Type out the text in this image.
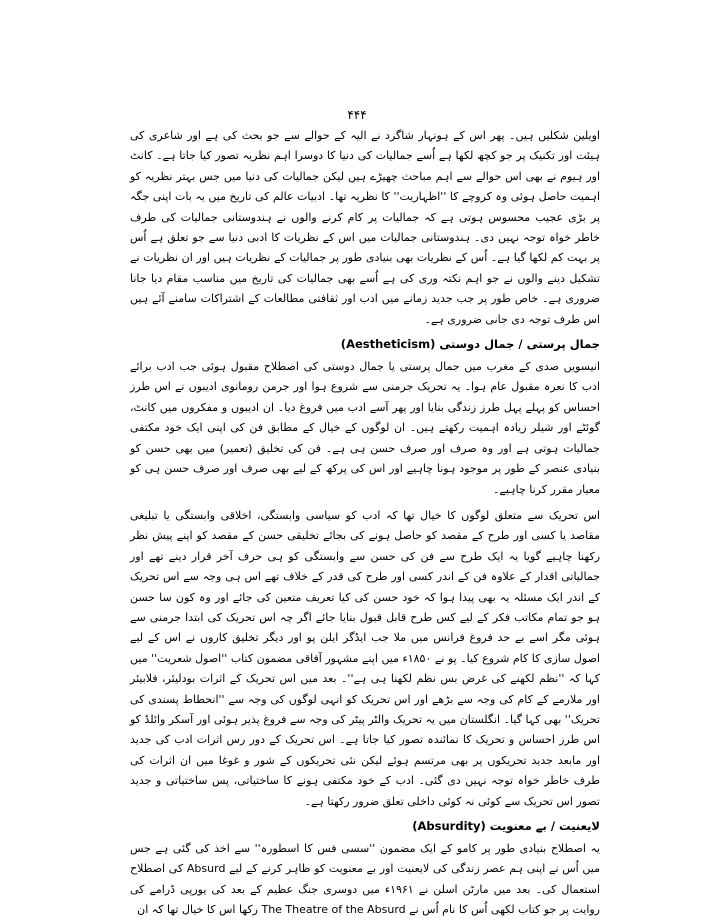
۴۴۴

اویلین شکلیں ہیں۔ پھر اس کے ہونہار شاگرد نے الیہ کے حوالے سے جو بحث کی ہے اور شاعری کی ہیئت اور تکنیک پر جو کچھ لکھا ہے اُسے جمالیات کی دنیا کا دوسرا اہم نظریہ تصور کیا جاتا ہے۔ کانٹ اور ہیوم نے بھی اس حوالے سے اہم مباحث چھیڑے ہیں لیکن جمالیات کی دنیا میں جس بہتر نظریہ کو اہمیت حاصل ہوئی وہ کروچے کا ''اظہاریت'' کا نظریہ تھا۔ ادبیات عالم کی تاریخ میں یہ بات اپنی جگہ پر بڑی عجیب محسوس ہوتی ہے کہ جمالیات پر کام کرنے والوں نے ہندوستانی جمالیات کی طرف خاطر خواہ توجہ نہیں دی۔ ہندوستانی جمالیات میں اس کے نظریات کا ادبی دنیا سے جو تعلق ہے اُس پر بہت کم لکھا گیا ہے۔ اُس کے نظریات بھی بنیادی طور پر جمالیات کے نظریات ہیں اور ان نظریات نے تشکیل دینے والوں نے جو اہم نکتہ وری کی ہے اُسے بھی جمالیات کی تاریخ میں مناسب مقام دیا جانا ضروری ہے۔ خاص طور پر جب جدید زمانے میں ادب اور ثقافتی مطالعات کے اشتراکات سامنے آئے ہیں اس طرف توجہ دی جانی ضروری ہے۔

جمال پرستی / جمال دوستی (Aestheticism)

انیسویں صدی کے مغرب میں جمال پرستی یا جمال دوستی کی اصطلاح مقبول ہوئی جب ادب برائے ادب کا نعرہ مقبول عام ہوا۔ یہ تحریک جرمنی سے شروع ہوا اور جرمن رومانوی ادیبوں نے اس طرز احساس کو پہلے پہل طرز زندگی بنایا اور پھر آسے ادب میں فروغ دیا۔ ان ادیبوں و مفکروں میں کانٹ، گوئٹے اور شیلر زیادہ اہمیت رکھتے ہیں۔ ان لوگوں کے خیال کے مطابق فن کی اپنی ایک خود مکتفی جمالیات ہوتی ہے اور وہ صرف اور صرف حسن ہی ہے۔ فن کی تخلیق (تعمیر) میں بھی حسن کو بنیادی عنصر کے طور پر موجود ہونا چاہیے اور اس کی پرکھ کے لیے بھی صرف اور صرف حسن ہی کو معیار مقرر کرنا چاہیے۔

اس تحریک سے متعلق لوگوں کا خیال تھا کہ ادب کو سیاسی وابستگی، اخلاقی وابستگی یا تبلیغی مقاصد یا کسی اور طرح کے مقصد کو حاصل ہونے کی بجائے تخلیقی حسن کے مقصد کو اپنے پیش نظر رکھنا چاہیے گویا یہ ایک طرح سے فن کی حسن سے وابستگی کو ہی حرف آخر قرار دینے تھے اور جمالیاتی اقدار کے علاوہ فن کے اندر کسی اور طرح کی قدر کے خلاف تھے اس ہی وجہ سے اس تحریک کے اندر ایک مسئلہ یہ بھی پیدا ہوا کہ خود حسن کی کیا تعریف متعین کی جائے اور وہ کون سا حسن ہو جو تمام مکاتب فکر کے لیے کس طرح قابل قبول بنایا جائے اگر چہ اس تحریک کی ابتدا جرمنی سے ہوئی مگر اسے بے حد فروغ فرانس میں ملا جب ایڈگر ایلن پو اور دیگر تخلیق کاروں نے اس کے لیے اصول سازی کا کام شروع کیا۔ پو نے ۱۸۵۰ء میں اپنے مشہور آفاقی مضمون کتاب ''اصول شعریت'' میں کہا کہ ''نظم لکھنے کی غرض بس نظم لکھنا ہی ہے''۔ بعد میں اس تحریک کے اثرات بودلیئر، فلابیئر اور ملارمے کے کام کی وجہ سے بڑھے اور اس تحریک کو انہی لوگوں کی وجہ سے ''انحطاط پسندی کی تحریک'' بھی کہا گیا۔ انگلستان میں یہ تحریک والٹر پیٹر کی وجہ سے فروغ پذیر ہوئی اور آسکر وائلڈ کو اس طرز احساس و تحریک کا نمائندہ تصور کیا جاتا ہے۔ اس تحریک کے دور رس اثرات ادب کی جدید اور مابعد جدید تحریکوں پر بھی مرتسم ہوئے لیکن نئی تحریکوں کے شور و غوغا میں ان اثرات کی طرف خاطر خواہ توجہ نہیں دی گئی۔ ادب کے خود مکتفی ہونے کا ساختیاتی، پس ساختیاتی و جدید تصور اس تحریک سے کوئی نہ کوئی داخلی تعلق ضرور رکھتا ہے۔

لایعنیت / بے معنویت (Absurdity)

یہ اصطلاح بنیادی طور پر کامو کے ایک مضمون ''سسی فس کا اسطورہ'' سے اخذ کی گئی ہے جس میں اُس نے اپنی ہم عصر زندگی کی لایعنیت اور بے معنویت کو ظاہر کرنے کے لیے Absurd کی اصطلاح استعمال کی۔ بعد میں مارٹن اسلن نے ۱۹۶۱ء میں دوسری جنگ عظیم کے بعد کی یورپی ڈرامے کی روایت پر جو کتاب لکھی اُس کا نام اُس نے The Theatre of the Absurd رکھا اس کا خیال تھا کہ ان
